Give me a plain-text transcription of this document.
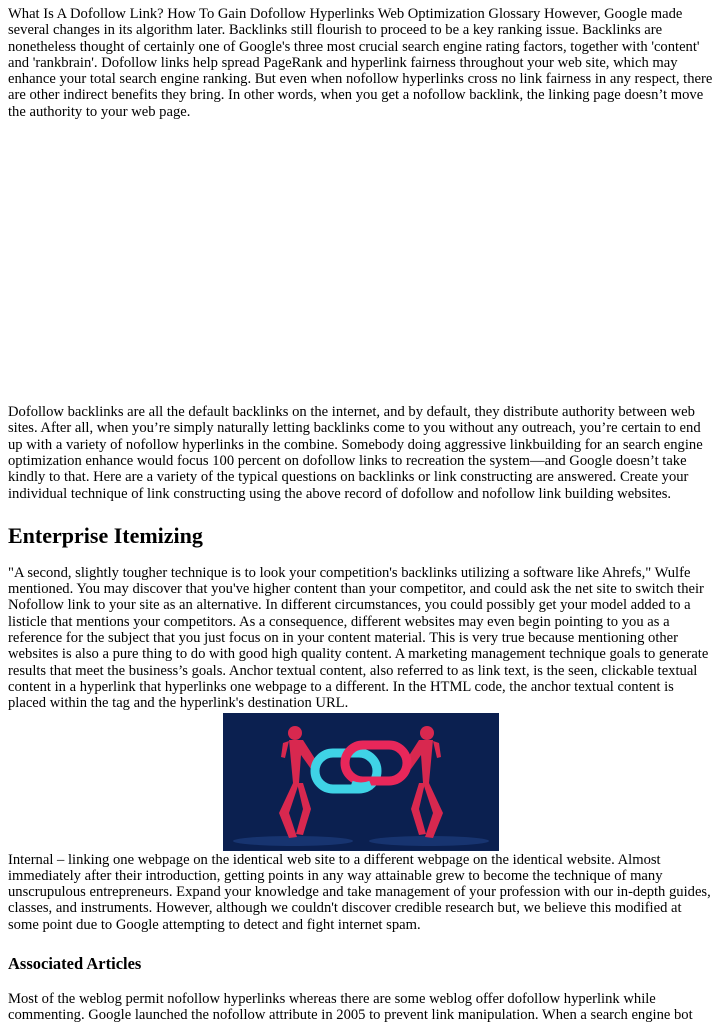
What Is A Dofollow Link? How To Gain Dofollow Hyperlinks Web Optimization Glossary However, Google made several changes in its algorithm later. Backlinks still flourish to proceed to be a key ranking issue. Backlinks are nonetheless thought of certainly one of Google's three most crucial search engine rating factors, together with 'content' and 'rankbrain'. Dofollow links help spread PageRank and hyperlink fairness throughout your web site, which may enhance your total search engine ranking. But even when nofollow hyperlinks cross no link fairness in any respect, there are other indirect benefits they bring. In other words, when you get a nofollow backlink, the linking page doesn’t move the authority to your web page.

Dofollow backlinks are all the default backlinks on the internet, and by default, they distribute authority between web sites. After all, when you’re simply naturally letting backlinks come to you without any outreach, you’re certain to end up with a variety of nofollow hyperlinks in the combine. Somebody doing aggressive linkbuilding for an search engine optimization enhance would focus 100 percent on dofollow links to recreation the system—and Google doesn’t take kindly to that. Here are a variety of the typical questions on backlinks or link constructing are answered. Create your individual technique of link constructing using the above record of dofollow and nofollow link building websites.

Enterprise Itemizing

"A second, slightly tougher technique is to look your competition's backlinks utilizing a software like Ahrefs," Wulfe mentioned. You may discover that you've higher content than your competitor, and could ask the net site to switch their Nofollow link to your site as an alternative. In different circumstances, you could possibly get your model added to a listicle that mentions your competitors. As a consequence, different websites may even begin pointing to you as a reference for the subject that you just focus on in your content material. This is very true because mentioning other websites is also a pure thing to do with good high quality content. A marketing management technique goals to generate results that meet the business’s goals. Anchor textual content, also referred to as link text, is the seen, clickable textual content in a hyperlink that hyperlinks one webpage to a different. In the HTML code, the anchor textual content is placed within the tag and the hyperlink's destination URL.

Internal – linking one webpage on the identical web site to a different webpage on the identical website. Almost immediately after their introduction, getting points in any way attainable grew to become the technique of many unscrupulous entrepreneurs. Expand your knowledge and take management of your profession with our in-depth guides, classes, and instruments. However, although we couldn't discover credible research but, we believe this modified at some point due to Google attempting to detect and fight internet spam.

Associated Articles

Most of the weblog permit nofollow hyperlinks whereas there are some weblog offer dofollow hyperlink while commenting. Google launched the nofollow attribute in 2005 to prevent link manipulation. When a search engine bot
